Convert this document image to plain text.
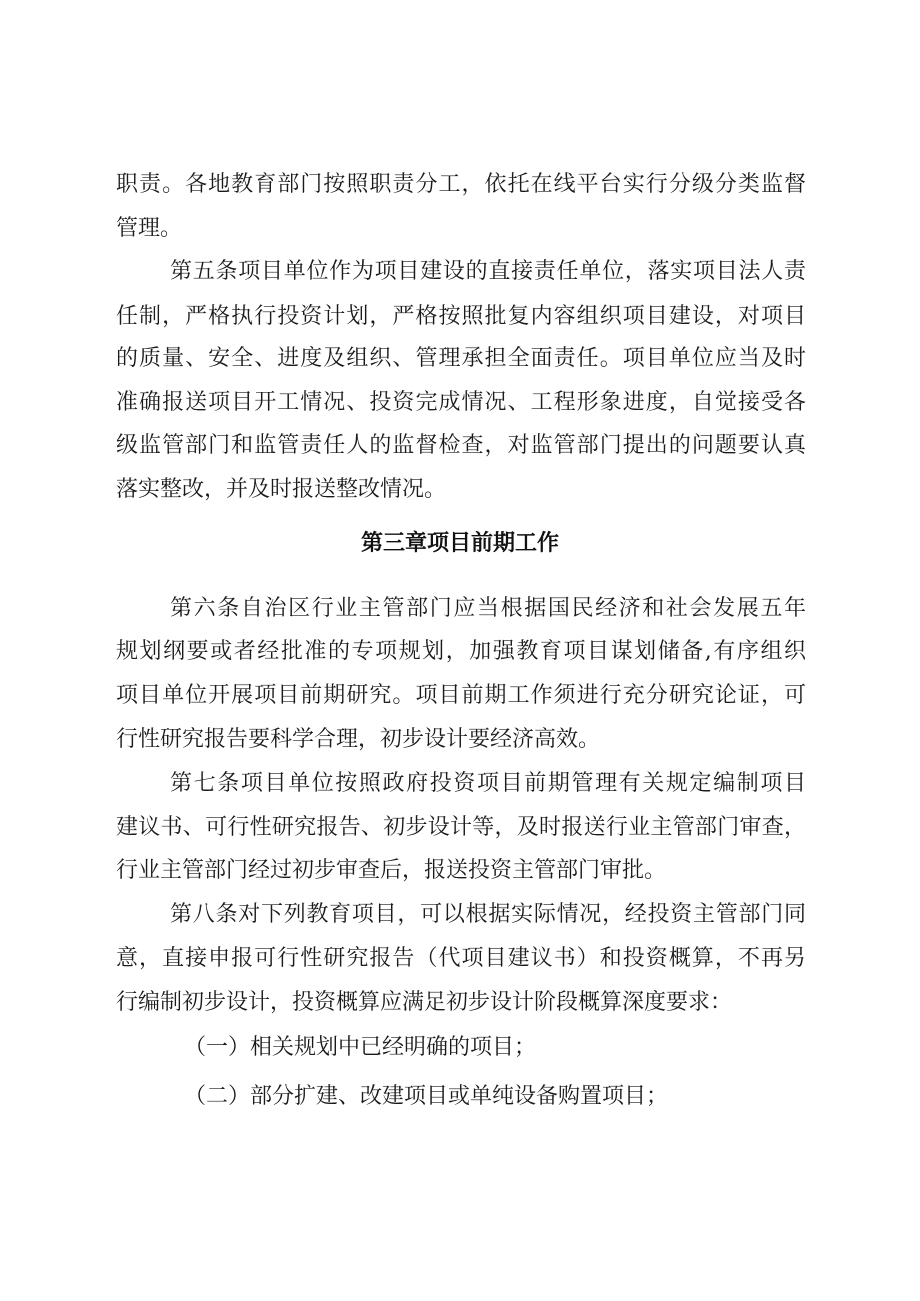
职责。各地教育部门按照职责分工，依托在线平台实行分级分类监督
管理。
第五条项目单位作为项目建设的直接责任单位，落实项目法人责
任制，严格执行投资计划，严格按照批复内容组织项目建设，对项目
的质量、安全、进度及组织、管理承担全面责任。项目单位应当及时
准确报送项目开工情况、投资完成情况、工程形象进度，自觉接受各
级监管部门和监管责任人的监督检查，对监管部门提出的问题要认真
落实整改，并及时报送整改情况。
第三章项目前期工作
第六条自治区行业主管部门应当根据国民经济和社会发展五年
规划纲要或者经批准的专项规划，加强教育项目谋划储备,有序组织
项目单位开展项目前期研究。项目前期工作须进行充分研究论证，可
行性研究报告要科学合理，初步设计要经济高效。
第七条项目单位按照政府投资项目前期管理有关规定编制项目
建议书、可行性研究报告、初步设计等，及时报送行业主管部门审查，
行业主管部门经过初步审查后，报送投资主管部门审批。
第八条对下列教育项目，可以根据实际情况，经投资主管部门同
意，直接申报可行性研究报告（代项目建议书）和投资概算，不再另
行编制初步设计，投资概算应满足初步设计阶段概算深度要求：
（一）相关规划中已经明确的项目；
（二）部分扩建、改建项目或单纯设备购置项目；
